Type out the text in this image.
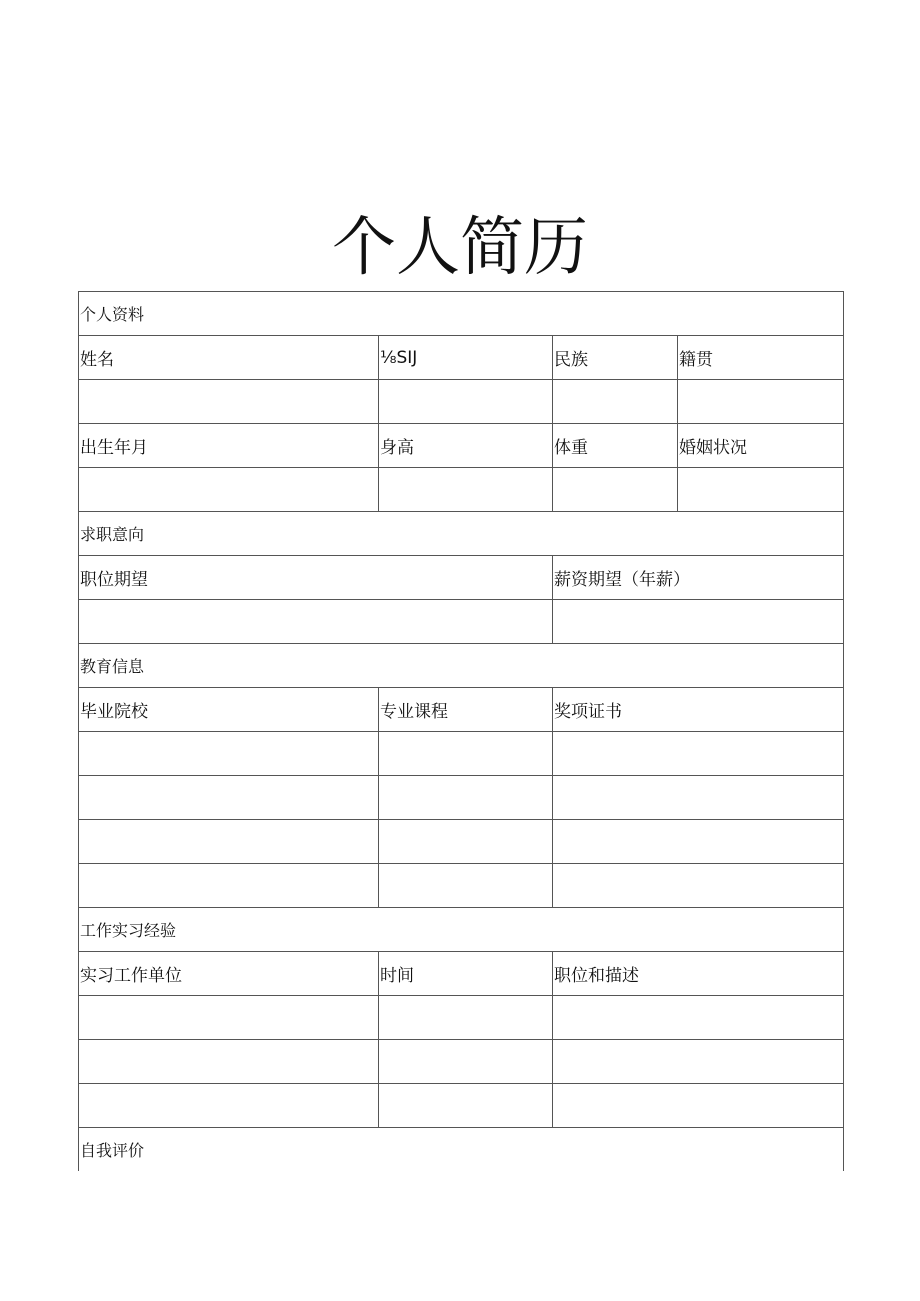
个人简历
个人资料			
姓名	⅛SIJ	民族	籍贯

出生年月	身高	体重	婚姻状况

求职意向			
职位期望		薪资期望（年薪）	

教育信息			
毕业院校	专业课程	奖项证书	

工作实习经验			
实习工作单位	时间	职位和描述	

自我评价			
